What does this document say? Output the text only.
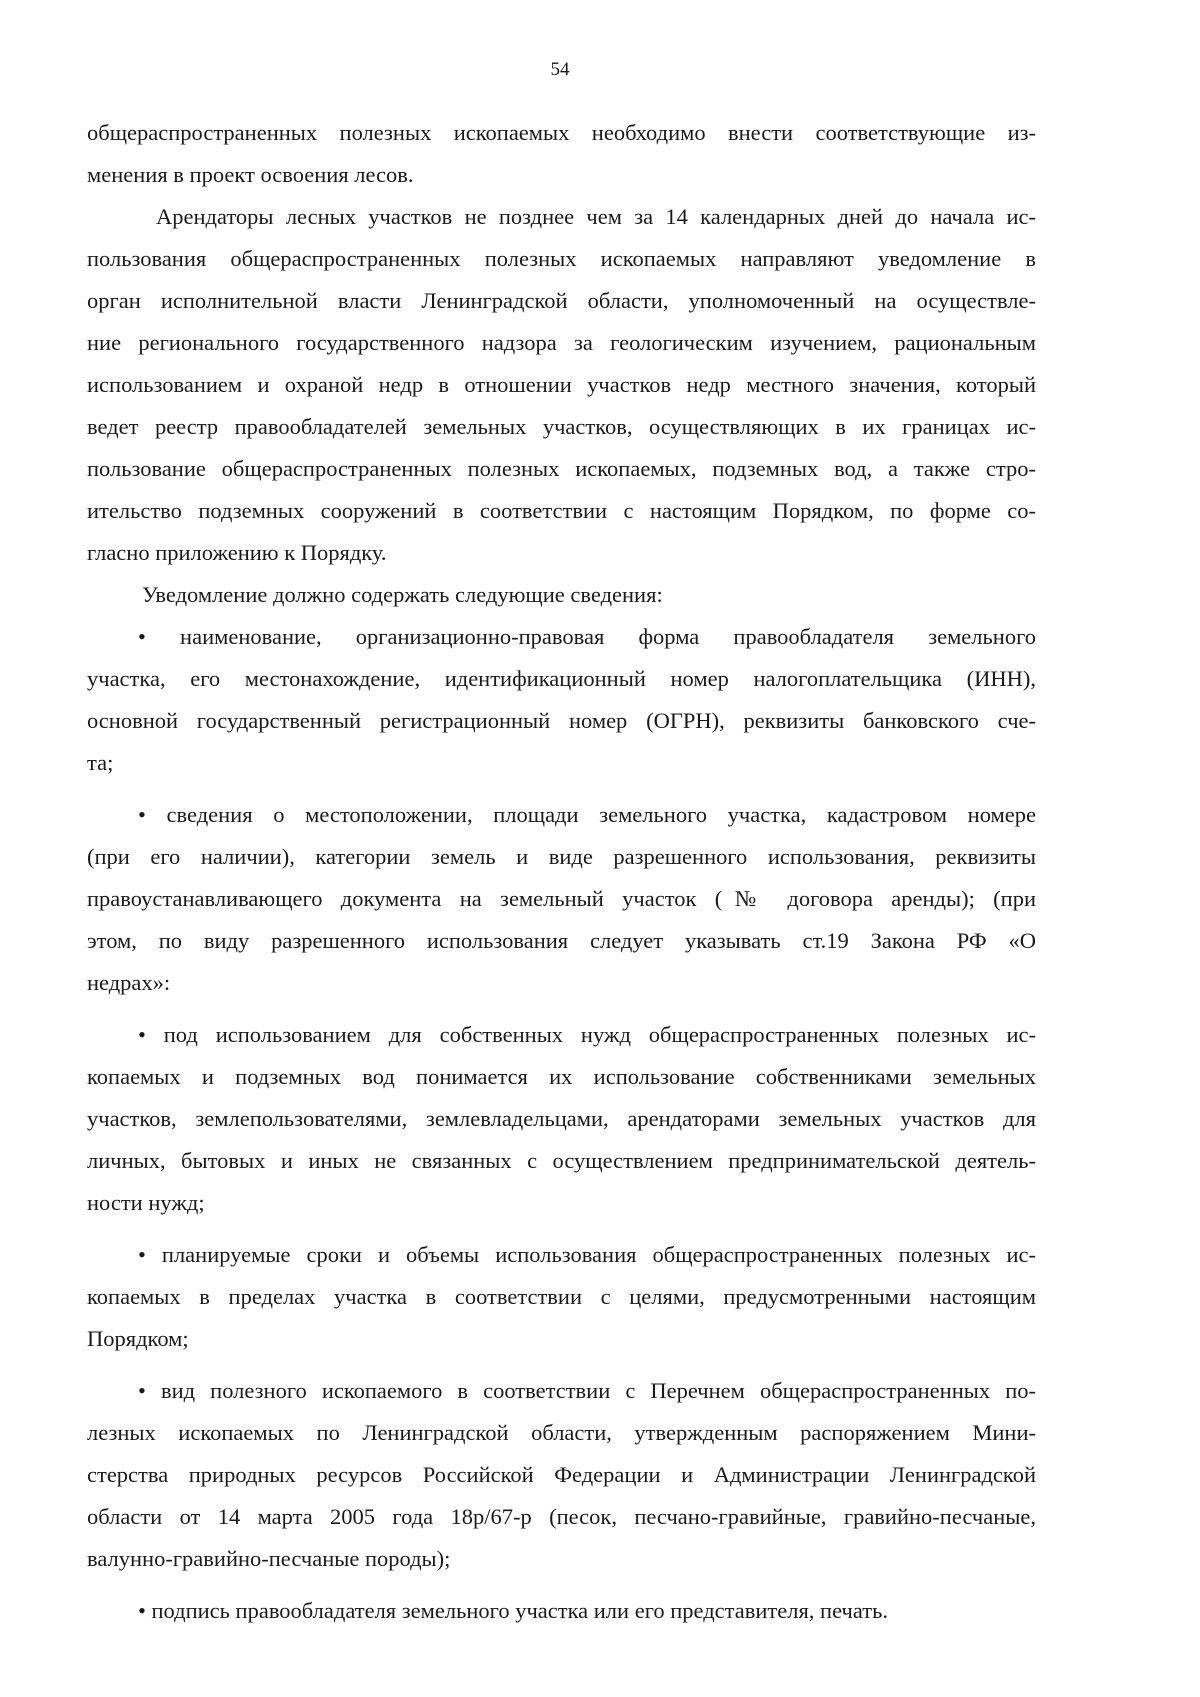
54
общераспространенных полезных ископаемых необходимо внести соответствующие из-
менения в проект освоения лесов.
Арендаторы лесных участков не позднее чем за 14 календарных дней до начала ис-
пользования общераспространенных полезных ископаемых направляют уведомление в
орган исполнительной власти Ленинградской области, уполномоченный на осуществле-
ние регионального государственного надзора за геологическим изучением, рациональным
использованием и охраной недр в отношении участков недр местного значения, который
ведет реестр правообладателей земельных участков, осуществляющих в их границах ис-
пользование общераспространенных полезных ископаемых, подземных вод, а также стро-
ительство подземных сооружений в соответствии с настоящим Порядком, по форме со-
гласно приложению к Порядку.
Уведомление должно содержать следующие сведения:
• наименование, организационно-правовая форма правообладателя земельного
участка, его местонахождение, идентификационный номер налогоплательщика (ИНН),
основной государственный регистрационный номер (ОГРН), реквизиты банковского сче-
та;
• сведения о местоположении, площади земельного участка, кадастровом номере
(при его наличии), категории земель и виде разрешенного использования, реквизиты
правоустанавливающего документа на земельный участок (№ договора аренды); (при
этом, по виду разрешенного использования следует указывать ст.19 Закона РФ «О
недрах»:
• под использованием для собственных нужд общераспространенных полезных ис-
копаемых и подземных вод понимается их использование собственниками земельных
участков, землепользователями, землевладельцами, арендаторами земельных участков для
личных, бытовых и иных не связанных с осуществлением предпринимательской деятель-
ности нужд;
• планируемые сроки и объемы использования общераспространенных полезных ис-
копаемых в пределах участка в соответствии с целями, предусмотренными настоящим
Порядком;
• вид полезного ископаемого в соответствии с Перечнем общераспространенных по-
лезных ископаемых по Ленинградской области, утвержденным распоряжением Мини-
стерства природных ресурсов Российской Федерации и Администрации Ленинградской
области от 14 марта 2005 года 18р/67-р (песок, песчано-гравийные, гравийно-песчаные,
валунно-гравийно-песчаные породы);
• подпись правообладателя земельного участка или его представителя, печать.
